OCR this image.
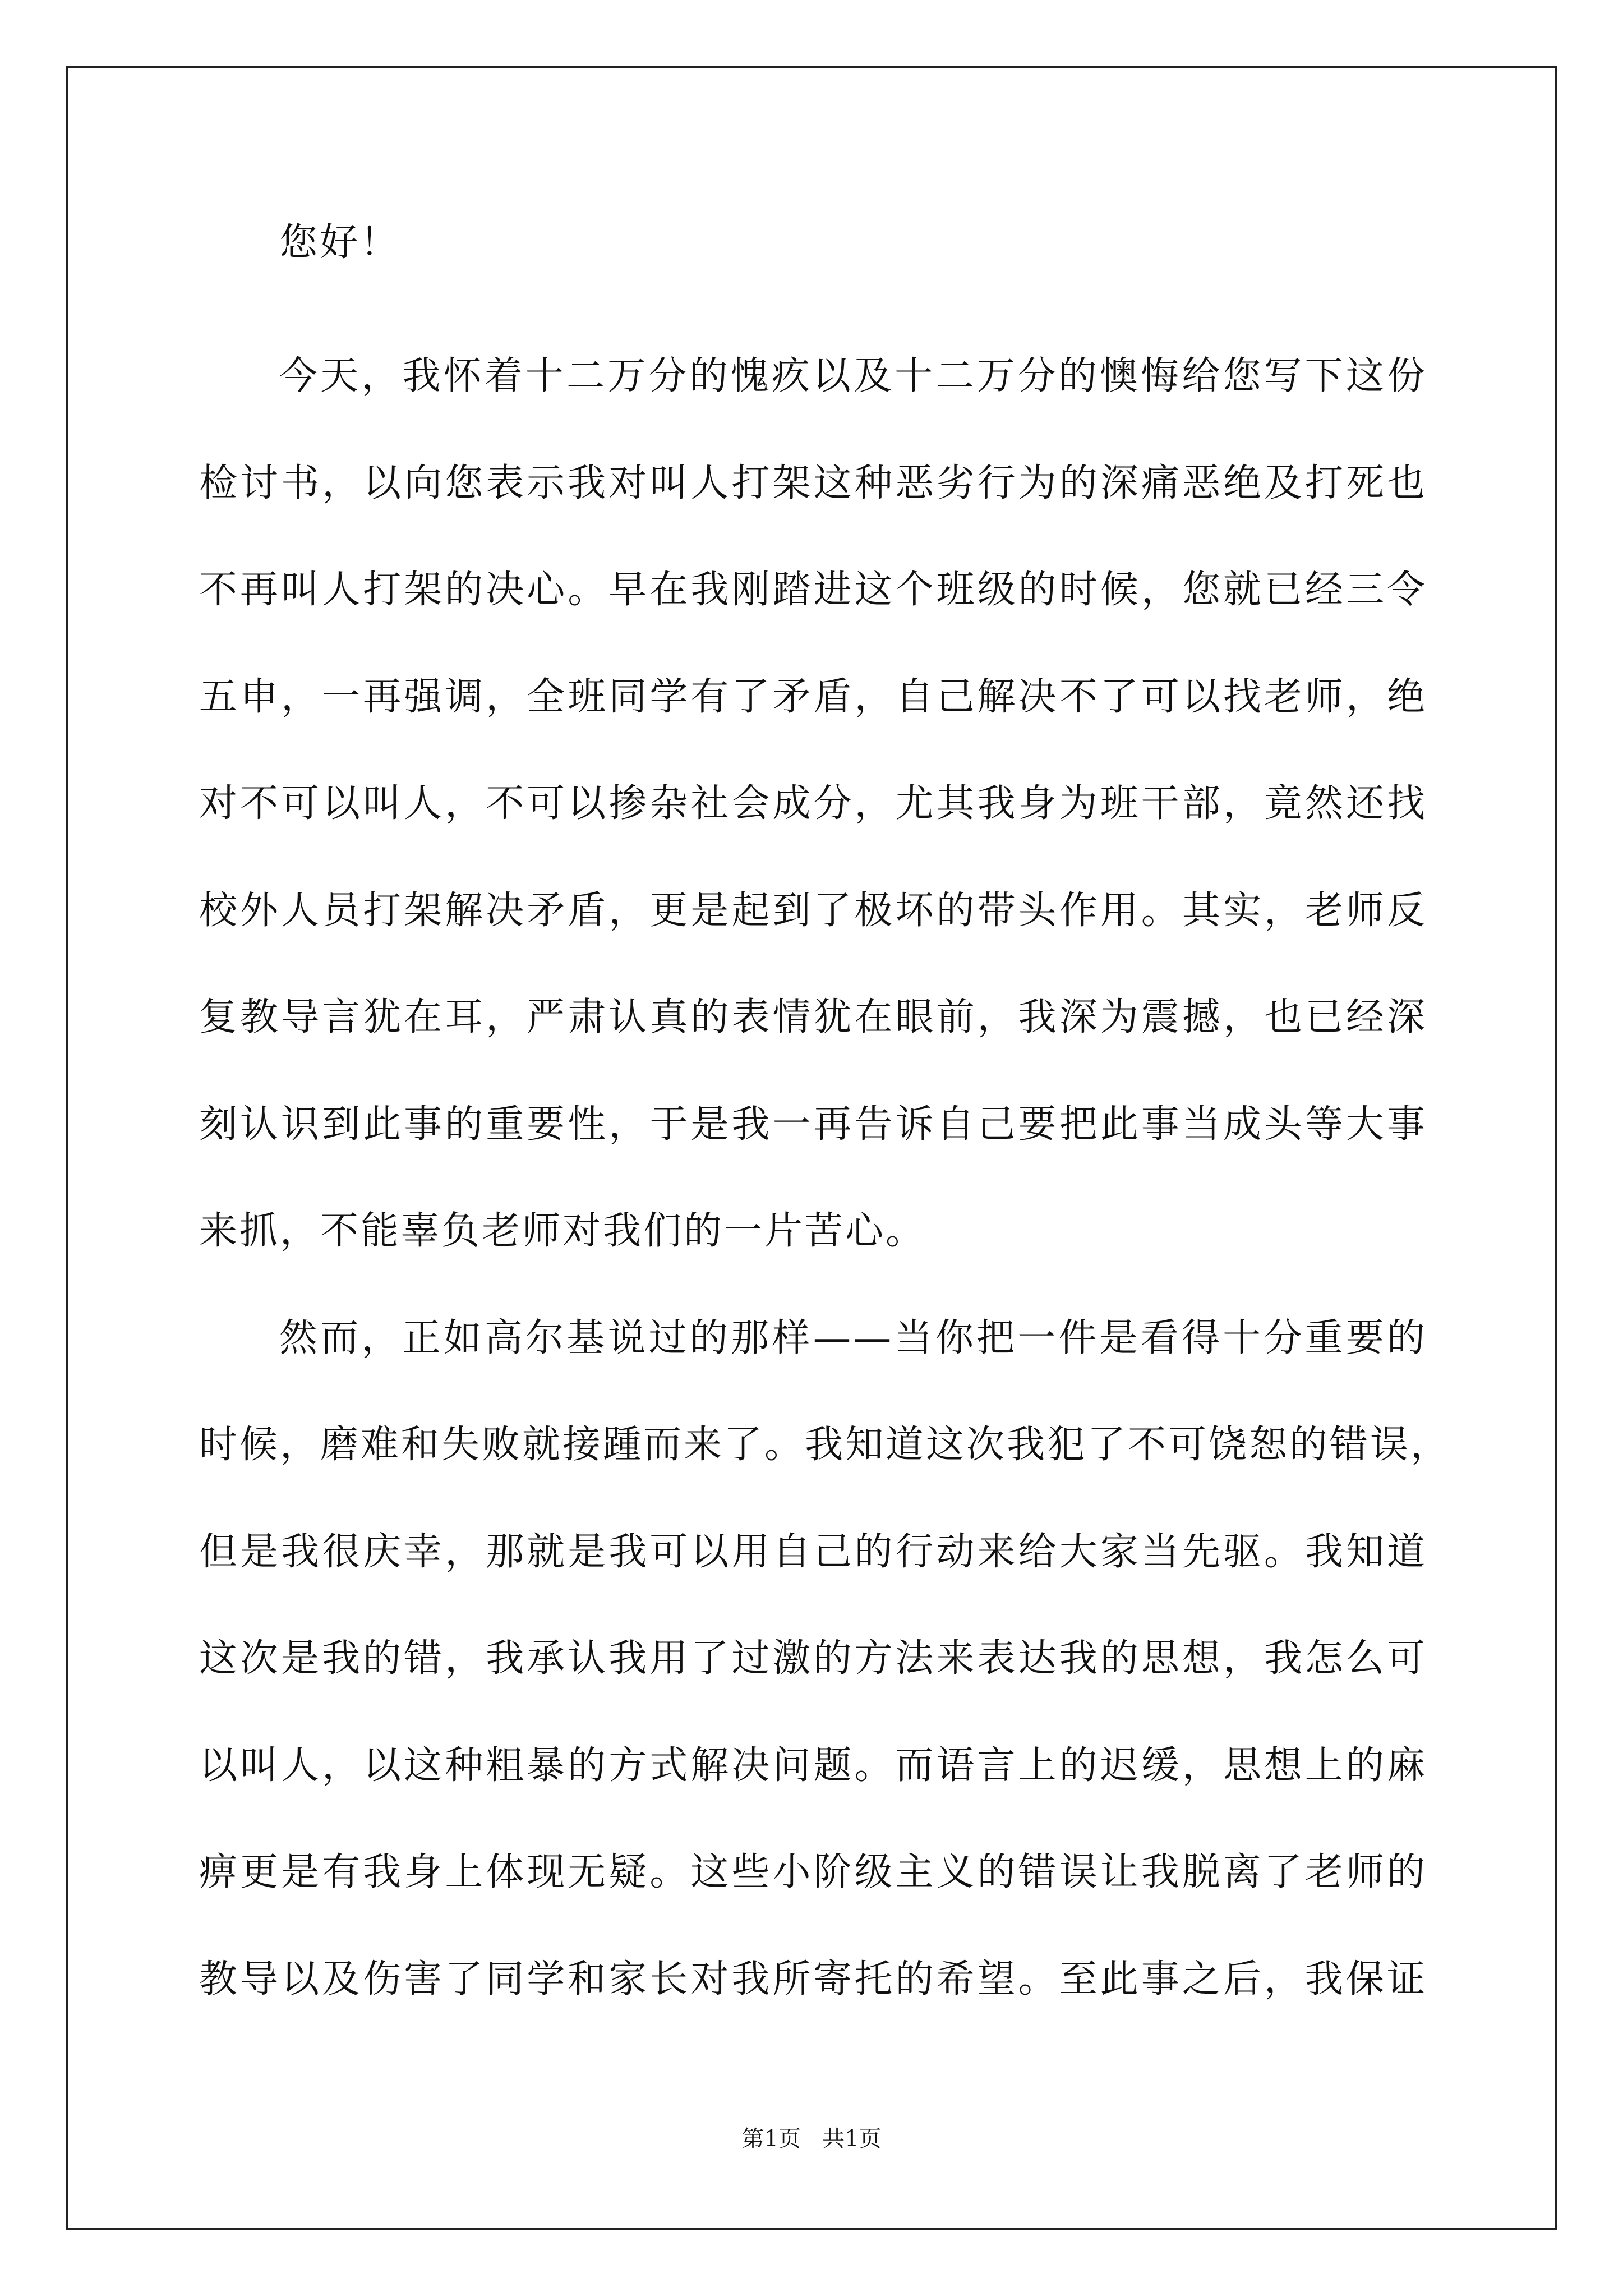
您好！
今天，我怀着十二万分的愧疚以及十二万分的懊悔给您写下这份
检讨书，以向您表示我对叫人打架这种恶劣行为的深痛恶绝及打死也
不再叫人打架的决心。早在我刚踏进这个班级的时候，您就已经三令
五申，一再强调，全班同学有了矛盾，自己解决不了可以找老师，绝
对不可以叫人，不可以掺杂社会成分，尤其我身为班干部，竟然还找
校外人员打架解决矛盾，更是起到了极坏的带头作用。其实，老师反
复教导言犹在耳，严肃认真的表情犹在眼前，我深为震撼，也已经深
刻认识到此事的重要性，于是我一再告诉自己要把此事当成头等大事
来抓，不能辜负老师对我们的一片苦心。
然而，正如高尔基说过的那样——当你把一件是看得十分重要的
时候，磨难和失败就接踵而来了。我知道这次我犯了不可饶恕的错误，
但是我很庆幸，那就是我可以用自己的行动来给大家当先驱。我知道
这次是我的错，我承认我用了过激的方法来表达我的思想，我怎么可
以叫人，以这种粗暴的方式解决问题。而语言上的迟缓，思想上的麻
痹更是有我身上体现无疑。这些小阶级主义的错误让我脱离了老师的
教导以及伤害了同学和家长对我所寄托的希望。至此事之后，我保证
第1页 共1页
